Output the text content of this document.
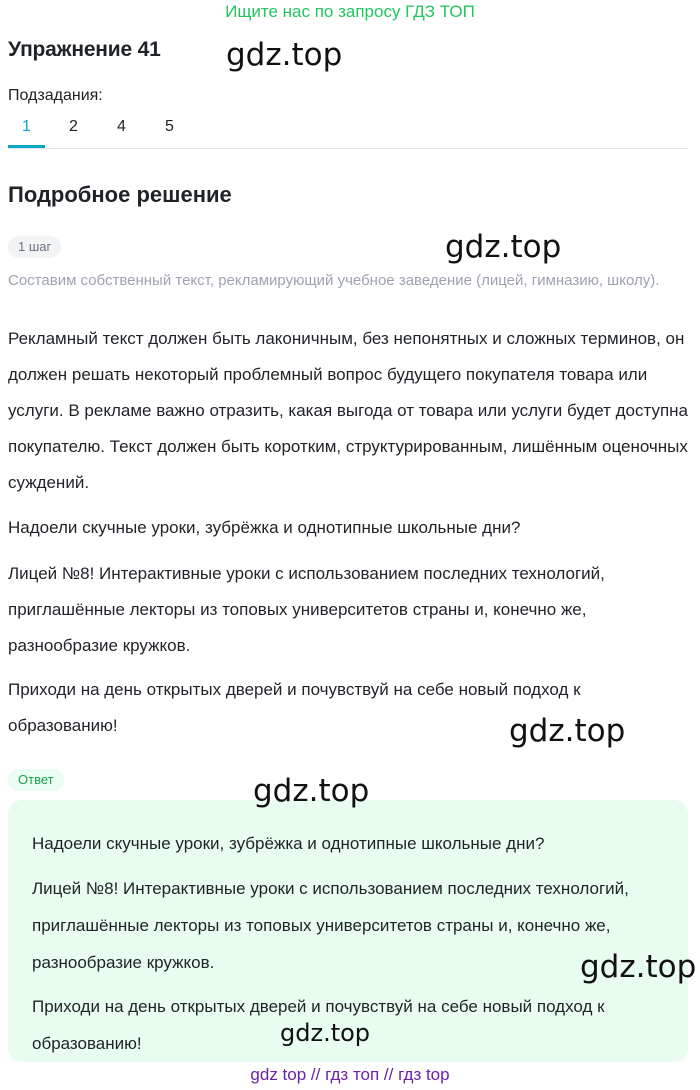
Ищите нас по запросу ГДЗ ТОП
Упражнение 41 gdz.top
Подзадания:
1	2	4	5
Подробное решение
1 шаг	gdz.top
Составим собственный текст, рекламирующий учебное заведение (лицей, гимназию, школу).
Рекламный текст должен быть лаконичным, без непонятных и сложных терминов, он должен решать некоторый проблемный вопрос будущего покупателя товара или услуги. В рекламе важно отразить, какая выгода от товара или услуги будет доступна покупателю. Текст должен быть коротким, структурированным, лишённым оценочных суждений.
Надоели скучные уроки, зубрёжка и однотипные школьные дни?
Лицей №8! Интерактивные уроки с использованием последних технологий, приглашённые лекторы из топовых университетов страны и, конечно же, разнообразие кружков.
Приходи на день открытых дверей и почувствуй на себе новый подход к образованию!	gdz.top
Ответ	gdz.top
Надоели скучные уроки, зубрёжка и однотипные школьные дни?
Лицей №8! Интерактивные уроки с использованием последних технологий, приглашённые лекторы из топовых университетов страны и, конечно же, разнообразие кружков.
Приходи на день открытых дверей и почувствуй на себе новый подход к образованию!
gdz.top
gdz.top
gdz top // гдз топ // гдз top
